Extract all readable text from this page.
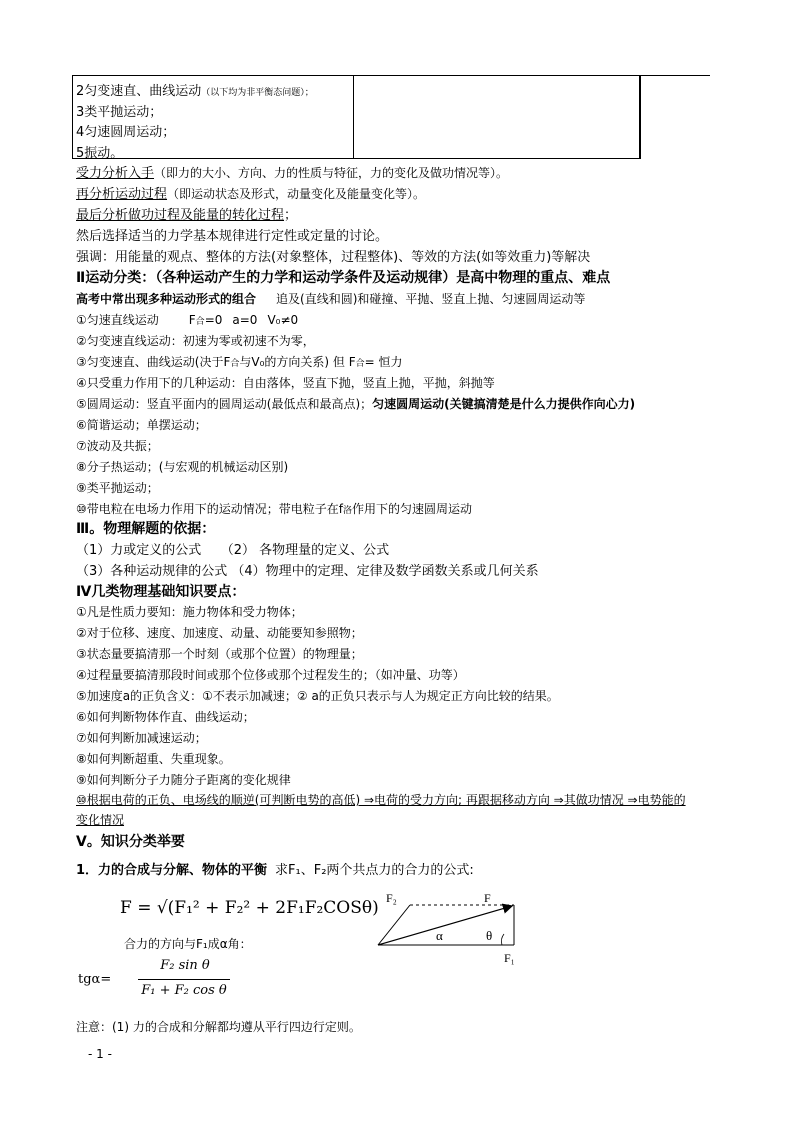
2匀变速直、曲线运动（以下均为非平衡态问题）；
3类平抛运动；
4匀速圆周运动；
5振动。
受力分析入手（即力的大小、方向、力的性质与特征，力的变化及做功情况等）。
再分析运动过程（即运动状态及形式，动量变化及能量变化等）。
最后分析做功过程及能量的转化过程；
然后选择适当的力学基本规律进行定性或定量的讨论。
强调：用能量的观点、整体的方法(对象整体，过程整体)、等效的方法(如等效重力)等解决
Ⅱ运动分类：（各种运动产生的力学和运动学条件及运动规律）是高中物理的重点、难点
高考中常出现多种运动形式的组合 追及(直线和圆)和碰撞、平抛、竖直上抛、匀速圆周运动等
①匀速直线运动	F合=0 a=0 V₀≠0
②匀变速直线运动：初速为零或初速不为零，
③匀变速直、曲线运动(决于F合与V₀的方向关系) 但 F合= 恒力
④只受重力作用下的几种运动：自由落体，竖直下抛，竖直上抛，平抛，斜抛等
⑤圆周运动：竖直平面内的圆周运动(最低点和最高点)；匀速圆周运动(关键搞清楚是什么力提供作向心力)
⑥简谐运动；单摆运动；
⑦波动及共振；
⑧分子热运动；(与宏观的机械运动区别)
⑨类平抛运动；
⑩带电粒在电场力作用下的运动情况；带电粒子在f洛作用下的匀速圆周运动
Ⅲ。物理解题的依据：
（1）力或定义的公式　　（2） 各物理量的定义、公式
（3）各种运动规律的公式 （4）物理中的定理、定律及数学函数关系或几何关系
Ⅳ几类物理基础知识要点：
①凡是性质力要知：施力物体和受力物体；
②对于位移、速度、加速度、动量、动能要知参照物；
③状态量要搞清那一个时刻（或那个位置）的物理量；
④过程量要搞清那段时间或那个位侈或那个过程发生的；（如冲量、功等）
⑤加速度a的正负含义：①不表示加减速；② a的正负只表示与人为规定正方向比较的结果。
⑥如何判断物体作直、曲线运动；
⑦如何判断加减速运动；
⑧如何判断超重、失重现象。
⑨如何判断分子力随分子距离的变化规律
⑩根据电荷的正负、电场线的顺逆(可判断电势的高低) ⇒电荷的受力方向; 再跟据移动方向 ⇒其做功情况 ⇒电势能的
变化情况
V。知识分类举要
1．力的合成与分解、物体的平衡 求F₁、F₂两个共点力的合力的公式:
F = √(F₁² + F₂² + 2F₁F₂COSθ)
合力的方向与F₁成α角：
tgα=
F₂ sin θ
F₁ + F₂ cos θ
F₂	F
α	θ
F₁
注意：(1) 力的合成和分解都均遵从平行四边行定则。
- 1 -
